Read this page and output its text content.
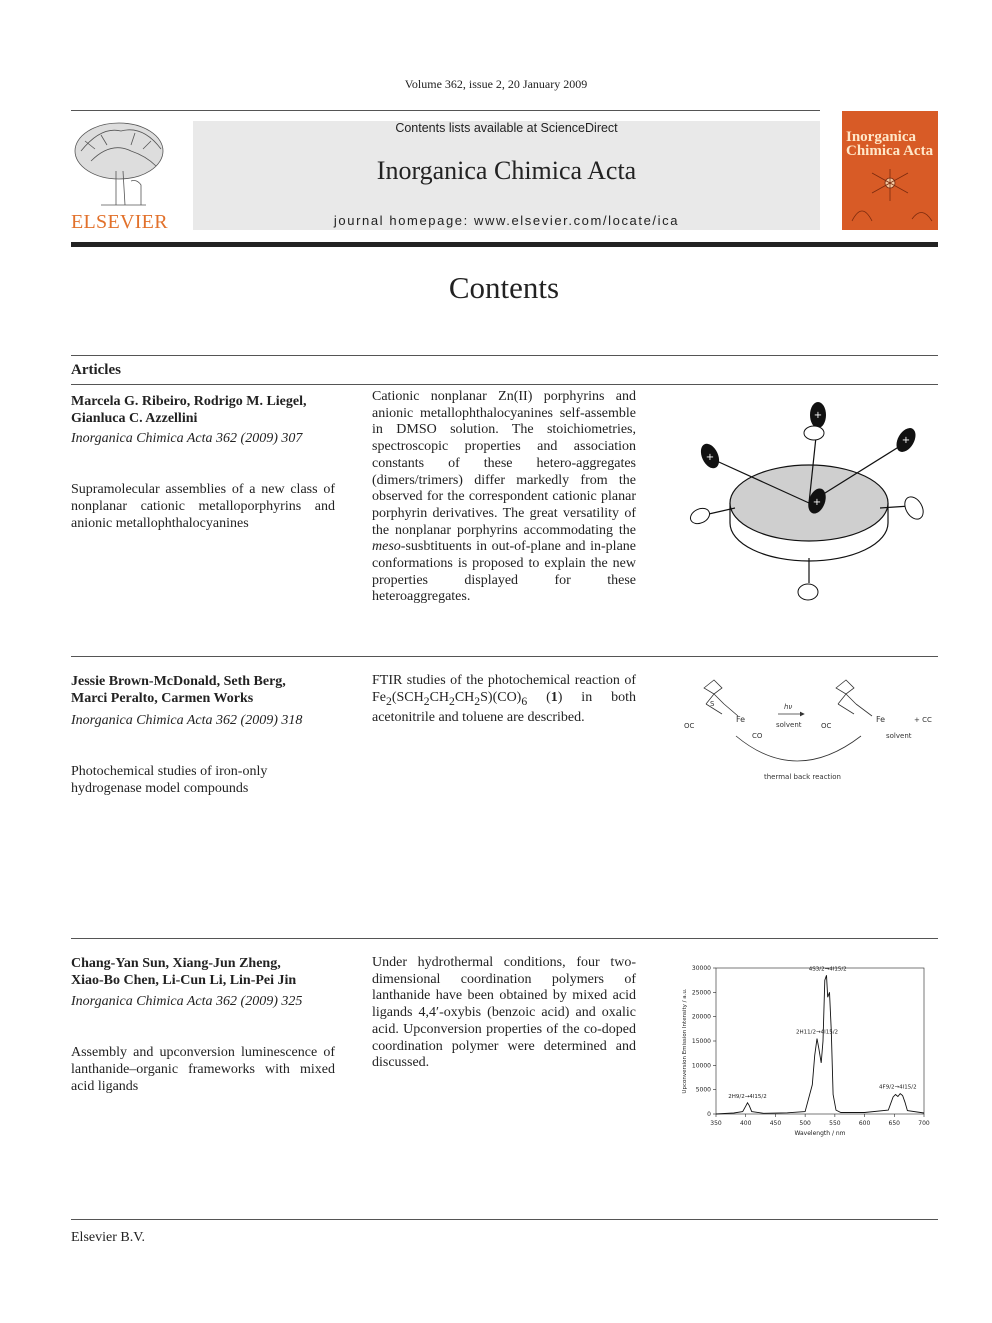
Volume 362, issue 2, 20 January 2009
ELSEVIER
Contents lists available at ScienceDirect
Inorganica Chimica Acta
journal homepage: www.elsevier.com/locate/ica
Inorganica
Chimica Acta
Contents
Articles
Marcela G. Ribeiro, Rodrigo M. Liegel,
Gianluca C. Azzellini
Inorganica Chimica Acta 362 (2009) 307
Supramolecular assemblies of a new class of nonplanar cationic metalloporphyrins and anionic metallophthalocyanines
Cationic nonplanar Zn(II) porphyrins and anionic metallophthalocyanines self-assemble in DMSO solution. The stoichiometries, spectroscopic properties and association constants of these hetero-aggregates (dimers/trimers) differ markedly from the observed for the correspondent cationic planar porphyrin derivatives. The great versatility of the nonplanar porphyrins accommodating the meso-susbtituents in out-of-plane and in-plane conformations is proposed to explain the new properties displayed for these heteroaggregates.
+
+
+
+
Jessie Brown-McDonald, Seth Berg,
Marci Peralto, Carmen Works
Inorganica Chimica Acta 362 (2009) 318
Photochemical studies of iron-only hydrogenase model compounds
FTIR studies of the photochemical reaction of $Fe_2(SCH_2CH_2CH_2S)(CO)_6$ (1) in both acetonitrile and toluene are described.
hν
solvent
Fe	Fe
OC
CO
OC
solvent
+ CC
S
thermal back reaction
Chang-Yan Sun, Xiang-Jun Zheng,
Xiao-Bo Chen, Li-Cun Li, Lin-Pei Jin
Inorganica Chimica Acta 362 (2009) 325
Assembly and upconversion luminescence of lanthanide–organic frameworks with mixed acid ligands
Under hydrothermal conditions, four two-dimensional coordination polymers of lanthanide have been obtained by mixed acid ligands 4,4′-oxybis (benzoic acid) and oxalic acid. Upconversion properties of the co-doped coordination polymer were determined and discussed.
350	400	450	500	550	600	650	700
0
5000
10000
15000
20000
25000
30000
2H9/2→4I15/2
2H11/2→4I15/2
4S3/2→4I15/2
4F9/2→4I15/2
Wavelength / nm
Upconversion Emission Intensity / a.u.
Elsevier B.V.
